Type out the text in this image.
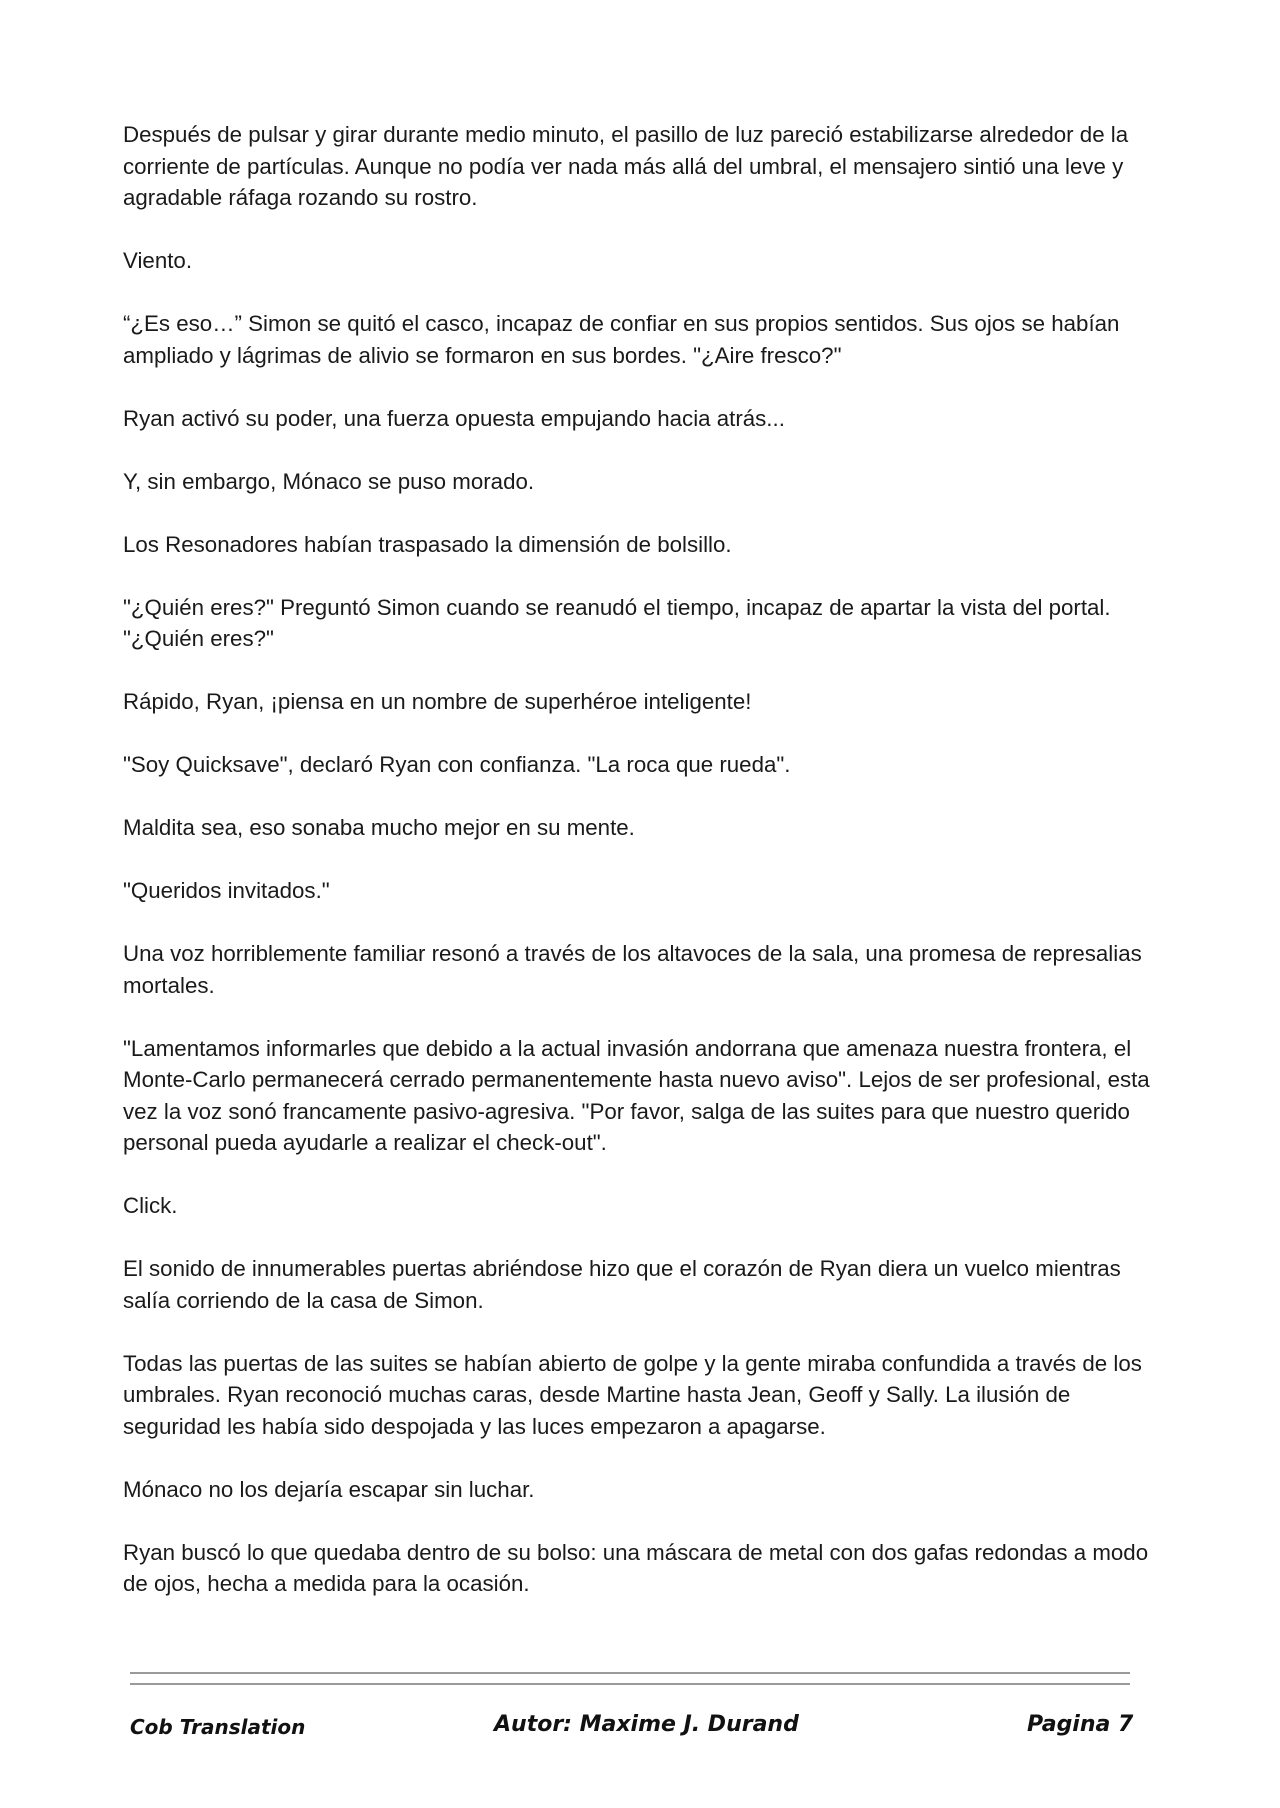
Después de pulsar y girar durante medio minuto, el pasillo de luz pareció estabilizarse alrededor de la corriente de partículas. Aunque no podía ver nada más allá del umbral, el mensajero sintió una leve y agradable ráfaga rozando su rostro.

Viento.

“¿Es eso…” Simon se quitó el casco, incapaz de confiar en sus propios sentidos. Sus ojos se habían ampliado y lágrimas de alivio se formaron en sus bordes. "¿Aire fresco?"

Ryan activó su poder, una fuerza opuesta empujando hacia atrás...

Y, sin embargo, Mónaco se puso morado.

Los Resonadores habían traspasado la dimensión de bolsillo.

"¿Quién eres?" Preguntó Simon cuando se reanudó el tiempo, incapaz de apartar la vista del portal. "¿Quién eres?"

Rápido, Ryan, ¡piensa en un nombre de superhéroe inteligente!

"Soy Quicksave", declaró Ryan con confianza. "La roca que rueda".

Maldita sea, eso sonaba mucho mejor en su mente.

"Queridos invitados."

Una voz horriblemente familiar resonó a través de los altavoces de la sala, una promesa de represalias mortales.

"Lamentamos informarles que debido a la actual invasión andorrana que amenaza nuestra frontera, el Monte-Carlo permanecerá cerrado permanentemente hasta nuevo aviso". Lejos de ser profesional, esta vez la voz sonó francamente pasivo-agresiva. "Por favor, salga de las suites para que nuestro querido personal pueda ayudarle a realizar el check-out".

Click.

El sonido de innumerables puertas abriéndose hizo que el corazón de Ryan diera un vuelco mientras salía corriendo de la casa de Simon.

Todas las puertas de las suites se habían abierto de golpe y la gente miraba confundida a través de los umbrales. Ryan reconoció muchas caras, desde Martine hasta Jean, Geoff y Sally. La ilusión de seguridad les había sido despojada y las luces empezaron a apagarse.

Mónaco no los dejaría escapar sin luchar.

Ryan buscó lo que quedaba dentro de su bolso: una máscara de metal con dos gafas redondas a modo de ojos, hecha a medida para la ocasión.

Cob Translation	Autor: Maxime J. Durand	Pagina 7
